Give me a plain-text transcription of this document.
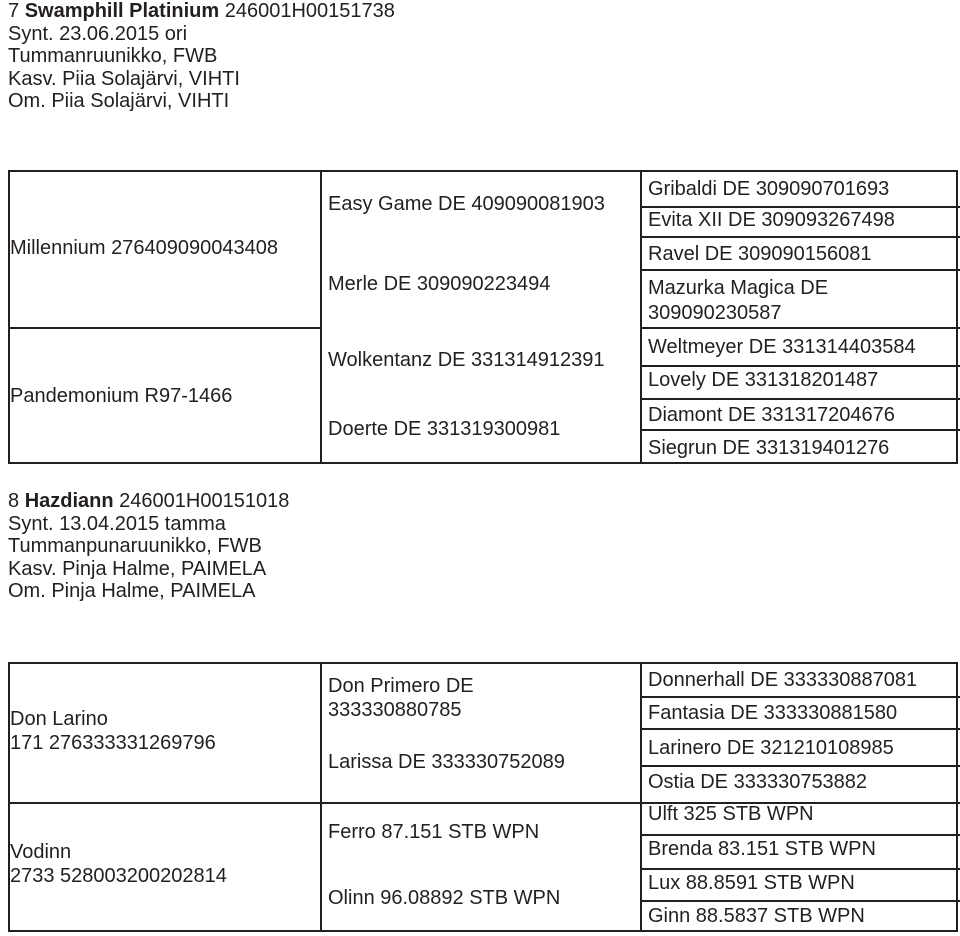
7 Swamphill Platinium 246001H00151738
Synt. 23.06.2015 ori
Tummanruunikko, FWB
Kasv. Piia Solajärvi, VIHTI
Om. Piia Solajärvi, VIHTI
Millennium 276409090043408
Pandemonium R97-1466
Easy Game DE 409090081903
Merle DE 309090223494
Wolkentanz DE 331314912391
Doerte DE 331319300981
Gribaldi DE 309090701693
Evita XII DE 309093267498
Ravel DE 309090156081
Mazurka Magica DE
309090230587
Weltmeyer DE 331314403584
Lovely DE 331318201487
Diamont DE 331317204676
Siegrun DE 331319401276
8 Hazdiann 246001H00151018
Synt. 13.04.2015 tamma
Tummanpunaruunikko, FWB
Kasv. Pinja Halme, PAIMELA
Om. Pinja Halme, PAIMELA
Don Larino
171 276333331269796
Vodinn
2733 528003200202814
Don Primero DE
333330880785
Larissa DE 333330752089
Ferro 87.151 STB WPN
Olinn 96.08892 STB WPN
Donnerhall DE 333330887081
Fantasia DE 333330881580
Larinero DE 321210108985
Ostia DE 333330753882
Ulft 325 STB WPN
Brenda 83.151 STB WPN
Lux 88.8591 STB WPN
Ginn 88.5837 STB WPN
